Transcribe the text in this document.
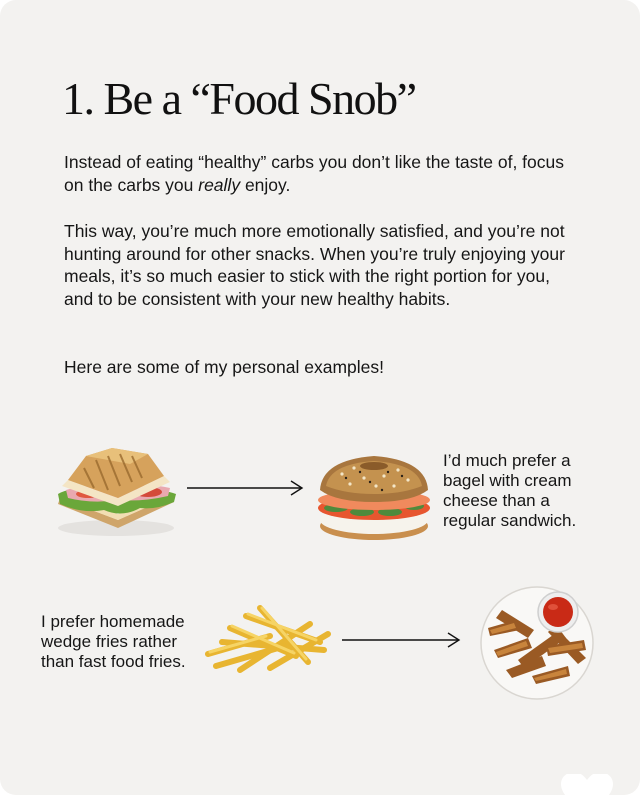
1. Be a “Food Snob”

Instead of eating “healthy” carbs you don’t like the taste of, focus on the carbs you really enjoy.

This way, you’re much more emotionally satisfied, and you’re not hunting around for other snacks. When you’re truly enjoying your meals, it’s so much easier to stick with the right portion for you, and to be consistent with your new healthy habits.

Here are some of my personal examples!

I’d much prefer a bagel with cream cheese than a regular sandwich.

I prefer homemade wedge fries rather than fast food fries.
